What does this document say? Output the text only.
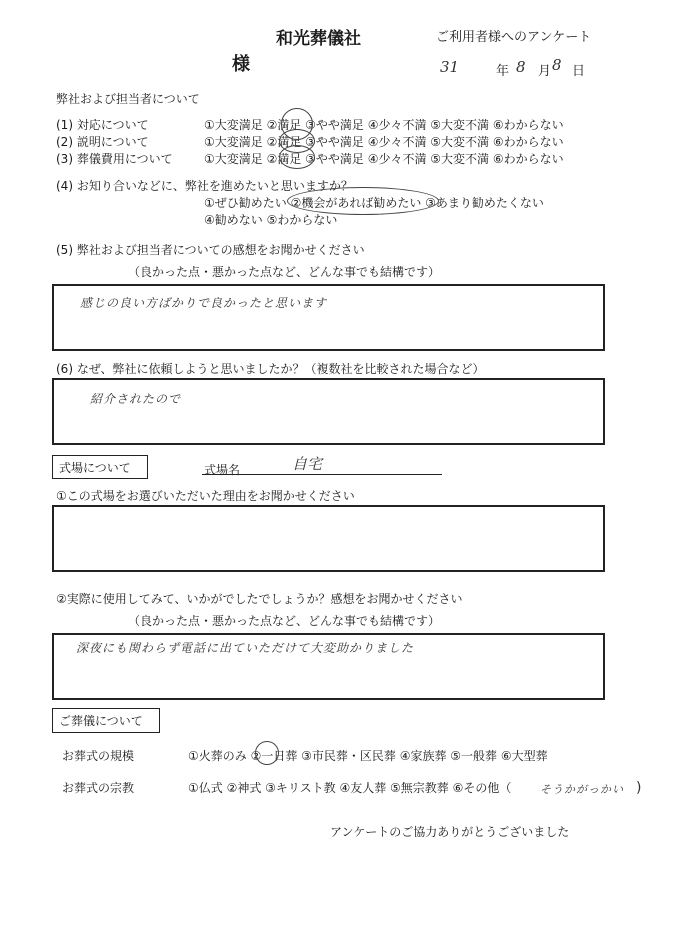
和光葬儀社	ご利用者様へのアンケート
様	31	年 8 月 8 日
弊社および担当者について
(1) 対応について	①大変満足 ②満足 ③やや満足 ④少々不満 ⑤大変不満 ⑥わからない
(2) 説明について	①大変満足 ②満足 ③やや満足 ④少々不満 ⑤大変不満 ⑥わからない
(3) 葬儀費用について	①大変満足 ②満足 ③やや満足 ④少々不満 ⑤大変不満 ⑥わからない
(4) お知り合いなどに、弊社を進めたいと思いますか？
①ぜひ勧めたい ②機会があれば勧めたい ③あまり勧めたくない
④勧めない ⑤わからない
(5) 弊社および担当者についての感想をお聞かせください
（良かった点・悪かった点など、どんな事でも結構です）
感じの良い方ばかりで良かったと思います
(6) なぜ、弊社に依頼しようと思いましたか？（複数社を比較された場合など）
紹介されたので
式場について	式場名	自宅
①この式場をお選びいただいた理由をお聞かせください
②実際に使用してみて、いかがでしたでしょうか？感想をお聞かせください
（良かった点・悪かった点など、どんな事でも結構です）
深夜にも関わらず電話に出ていただけて大変助かりました
ご葬儀について
お葬式の規模	①火葬のみ ②一日葬 ③市民葬・区民葬 ④家族葬 ⑤一般葬 ⑥大型葬
お葬式の宗教	①仏式 ②神式 ③キリスト教 ④友人葬 ⑤無宗教葬 ⑥その他（	そうかがっかい )
アンケートのご協力ありがとうございました
